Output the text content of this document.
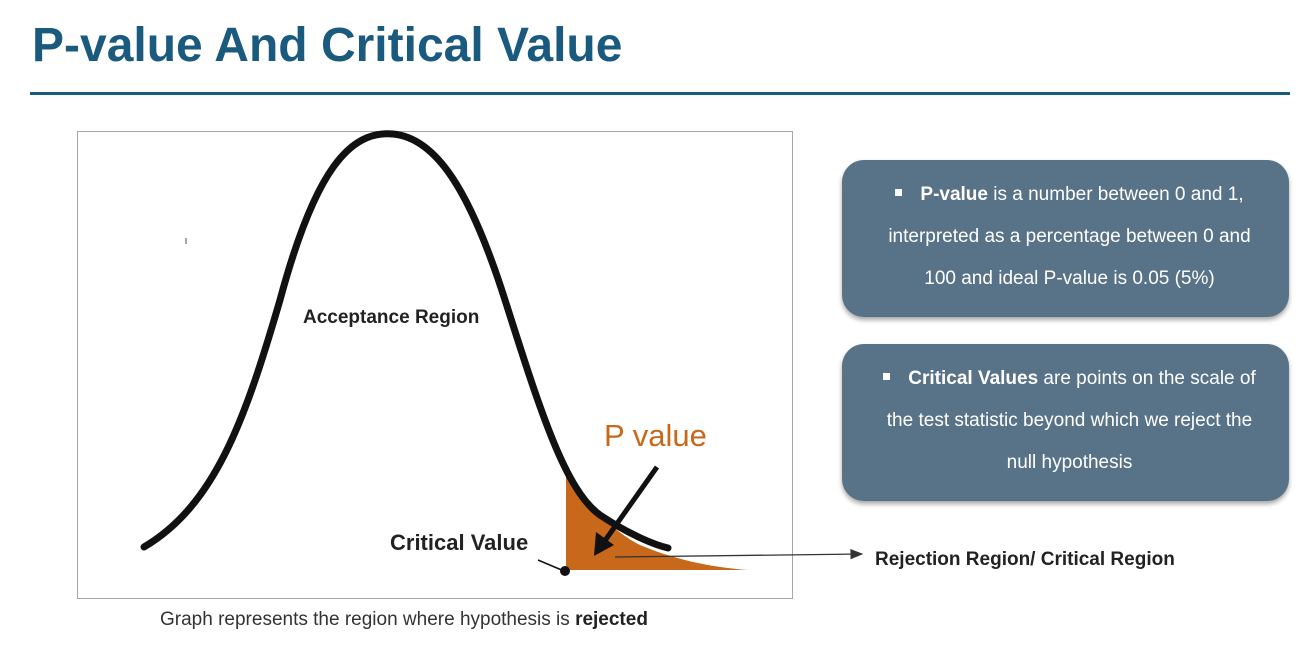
P-value And Critical Value
Acceptance Region
P value
Critical Value
Rejection Region/ Critical Region
Graph represents the region where hypothesis is rejected
P-value is a number between 0 and 1, interpreted as a percentage between 0 and 100 and ideal P-value is 0.05 (5%)
Critical Values are points on the scale of the test statistic beyond which we reject the null hypothesis
